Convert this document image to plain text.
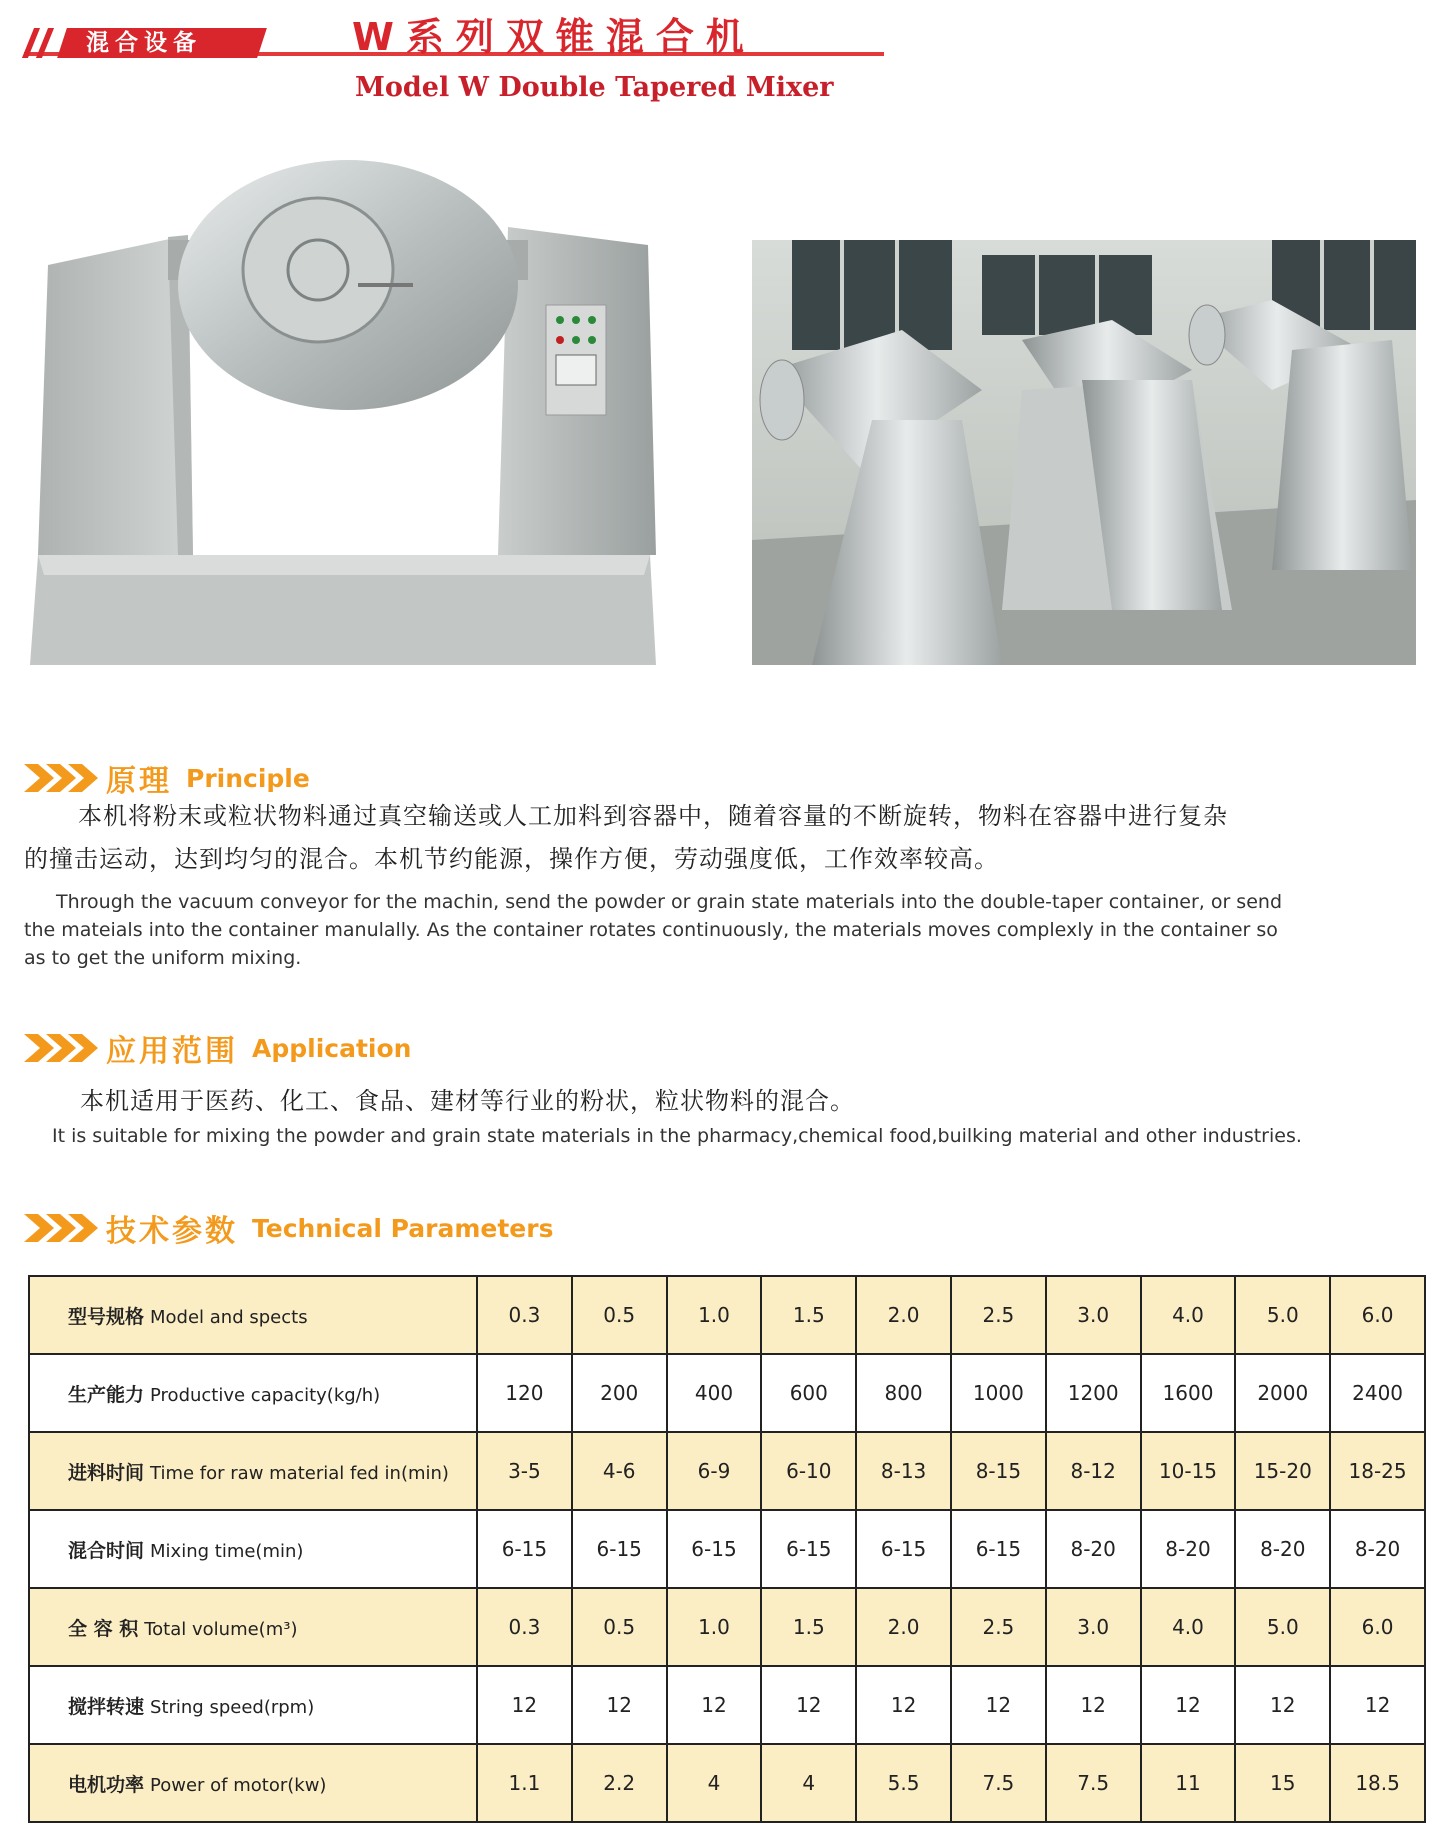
混合设备	W系列双锥混合机
Model W Double Tapered Mixer
原理 Principle
本机将粉末或粒状物料通过真空输送或人工加料到容器中，随着容量的不断旋转，物料在容器中进行复杂
的撞击运动，达到均匀的混合。本机节约能源，操作方便，劳动强度低，工作效率较高。
Through the vacuum conveyor for the machin, send the powder or grain state materials into the double-taper container, or send
the mateials into the container manulally. As the container rotates continuously, the materials moves complexly in the container so
as to get the uniform mixing.
应用范围 Application
本机适用于医药、化工、食品、建材等行业的粉状，粒状物料的混合。
It is suitable for mixing the powder and grain state materials in the pharmacy,chemical food,builking material and other industries.
技术参数 Technical Parameters
型号规格 Model and spects	0.3	0.5	1.0	1.5	2.0	2.5	3.0	4.0	5.0	6.0
生产能力 Productive capacity(kg/h)	120	200	400	600	800	1000	1200	1600	2000	2400
进料时间 Time for raw material fed in(min)	3-5	4-6	6-9	6-10	8-13	8-15	8-12	10-15	15-20	18-25
混合时间 Mixing time(min)	6-15	6-15	6-15	6-15	6-15	6-15	8-20	8-20	8-20	8-20
全 容 积 Total volume(m³)	0.3	0.5	1.0	1.5	2.0	2.5	3.0	4.0	5.0	6.0
搅拌转速 String speed(rpm)	12	12	12	12	12	12	12	12	12	12
电机功率 Power of motor(kw)	1.1	2.2	4	4	5.5	7.5	7.5	11	15	18.5
